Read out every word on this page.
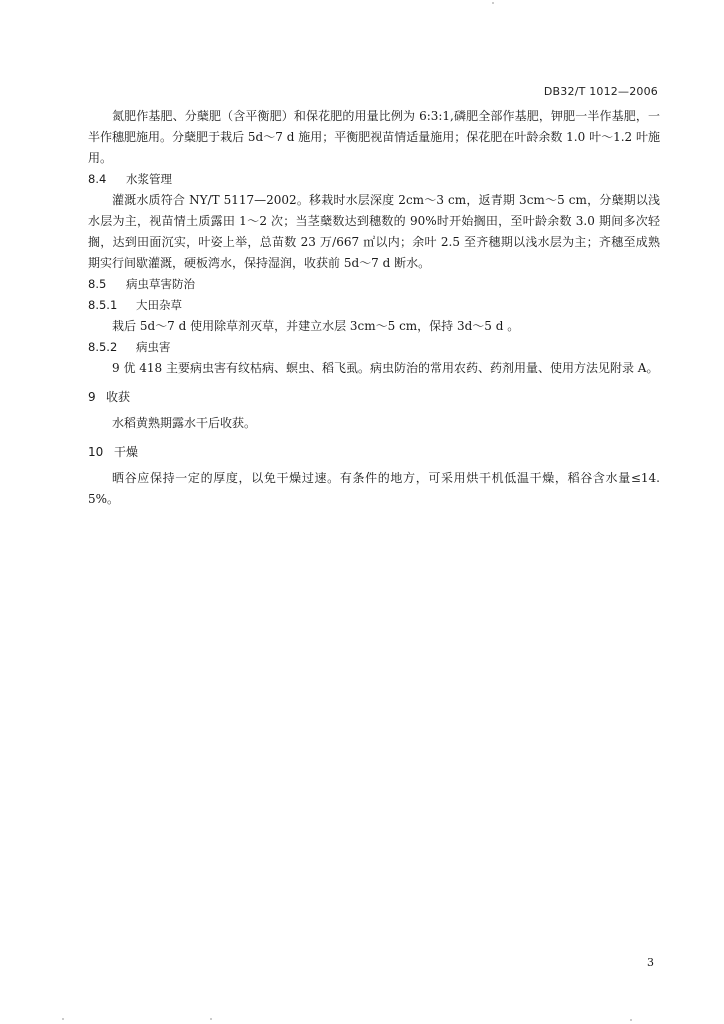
DB32/T 1012—2006

氮肥作基肥、分蘖肥（含平衡肥）和保花肥的用量比例为 6:3:1,磷肥全部作基肥，钾肥一半作基肥，一半作穗肥施用。分蘖肥于栽后 5d～7 d 施用；平衡肥视苗情适量施用；保花肥在叶龄余数 1.0 叶～1.2 叶施用。

8.4 水浆管理

灌溉水质符合 NY/T 5117—2002。移栽时水层深度 2cm～3 cm，返青期 3cm～5 cm，分蘖期以浅水层为主，视苗情土质露田 1～2 次；当茎蘖数达到穗数的 90%时开始搁田，至叶龄余数 3.0 期间多次轻搁，达到田面沉实，叶姿上举，总苗数 23 万/667 ㎡以内；余叶 2.5 至齐穗期以浅水层为主；齐穗至成熟期实行间歇灌溉，硬板湾水，保持湿润，收获前 5d～7 d 断水。

8.5 病虫草害防治
8.5.1 大田杂草

栽后 5d～7 d 使用除草剂灭草，并建立水层 3cm～5 cm，保持 3d～5 d 。

8.5.2 病虫害

9 优 418 主要病虫害有纹枯病、螟虫、稻飞虱。病虫防治的常用农药、药剂用量、使用方法见附录 A。

9 收获

水稻黄熟期露水干后收获。

10 干燥

晒谷应保持一定的厚度，以免干燥过速。有条件的地方，可采用烘干机低温干燥，稻谷含水量≤14.5%。

3
